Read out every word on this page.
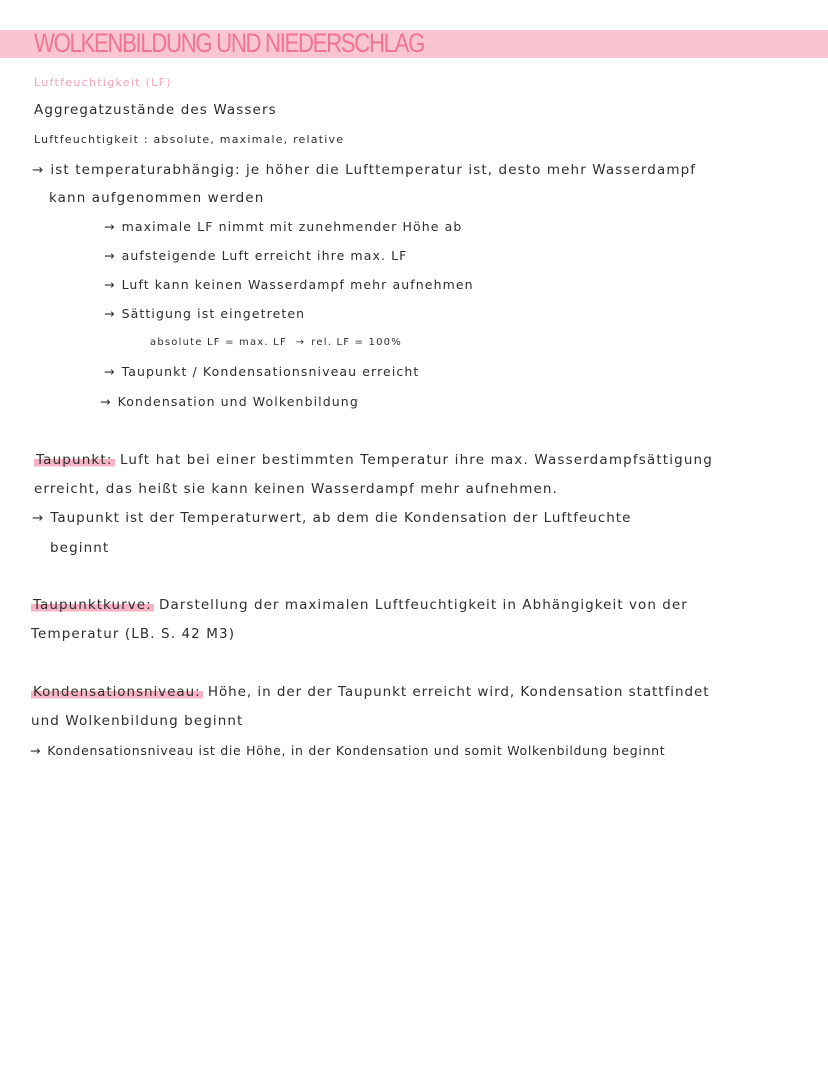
WOLKENBILDUNG UND NIEDERSCHLAG
Luftfeuchtigkeit (LF)
Aggregatzustände des Wassers
Luftfeuchtigkeit : absolute, maximale, relative
→ ist temperaturabhängig: je höher die Lufttemperatur ist, desto mehr Wasserdampf
kann aufgenommen werden
→ maximale LF nimmt mit zunehmender Höhe ab
→ aufsteigende Luft erreicht ihre max. LF
→ Luft kann keinen Wasserdampf mehr aufnehmen
→ Sättigung ist eingetreten
absolute LF = max. LF → rel. LF = 100%
→ Taupunkt / Kondensationsniveau erreicht
→ Kondensation und Wolkenbildung
Taupunkt: Luft hat bei einer bestimmten Temperatur ihre max. Wasserdampfsättigung
erreicht, das heißt sie kann keinen Wasserdampf mehr aufnehmen.
→ Taupunkt ist der Temperaturwert, ab dem die Kondensation der Luftfeuchte
beginnt
Taupunktkurve: Darstellung der maximalen Luftfeuchtigkeit in Abhängigkeit von der
Temperatur (LB. S. 42 M3)
Kondensationsniveau: Höhe, in der der Taupunkt erreicht wird, Kondensation stattfindet
und Wolkenbildung beginnt
→ Kondensationsniveau ist die Höhe, in der Kondensation und somit Wolkenbildung beginnt
